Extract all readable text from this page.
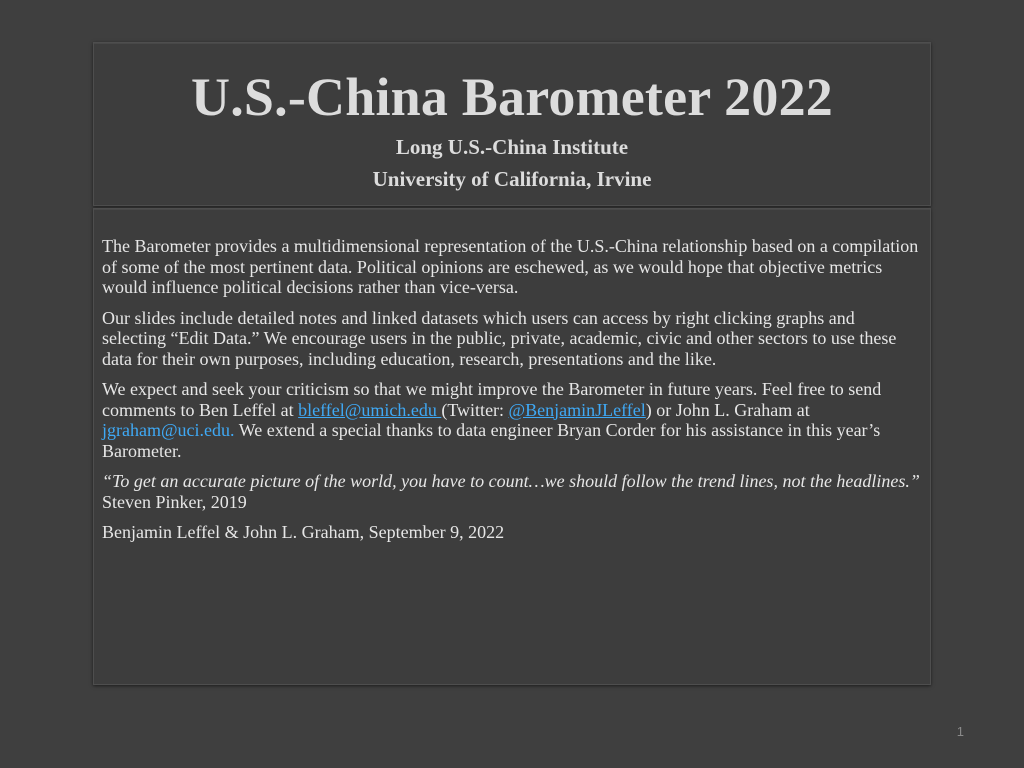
U.S.-China Barometer 2022
Long U.S.-China Institute
University of California, Irvine

The Barometer provides a multidimensional representation of the U.S.-China relationship based on a compilation of some of the most pertinent data. Political opinions are eschewed, as we would hope that objective metrics would influence political decisions rather than vice-versa.

Our slides include detailed notes and linked datasets which users can access by right clicking graphs and selecting “Edit Data.” We encourage users in the public, private, academic, civic and other sectors to use these data for their own purposes, including education, research, presentations and the like.

We expect and seek your criticism so that we might improve the Barometer in future years. Feel free to send comments to Ben Leffel at bleffel@umich.edu (Twitter: @BenjaminJLeffel) or John L. Graham at jgraham@uci.edu. We extend a special thanks to data engineer Bryan Corder for his assistance in this year’s Barometer.

“To get an accurate picture of the world, you have to count…we should follow the trend lines, not the headlines.” Steven Pinker, 2019

Benjamin Leffel & John L. Graham, September 9, 2022

1
